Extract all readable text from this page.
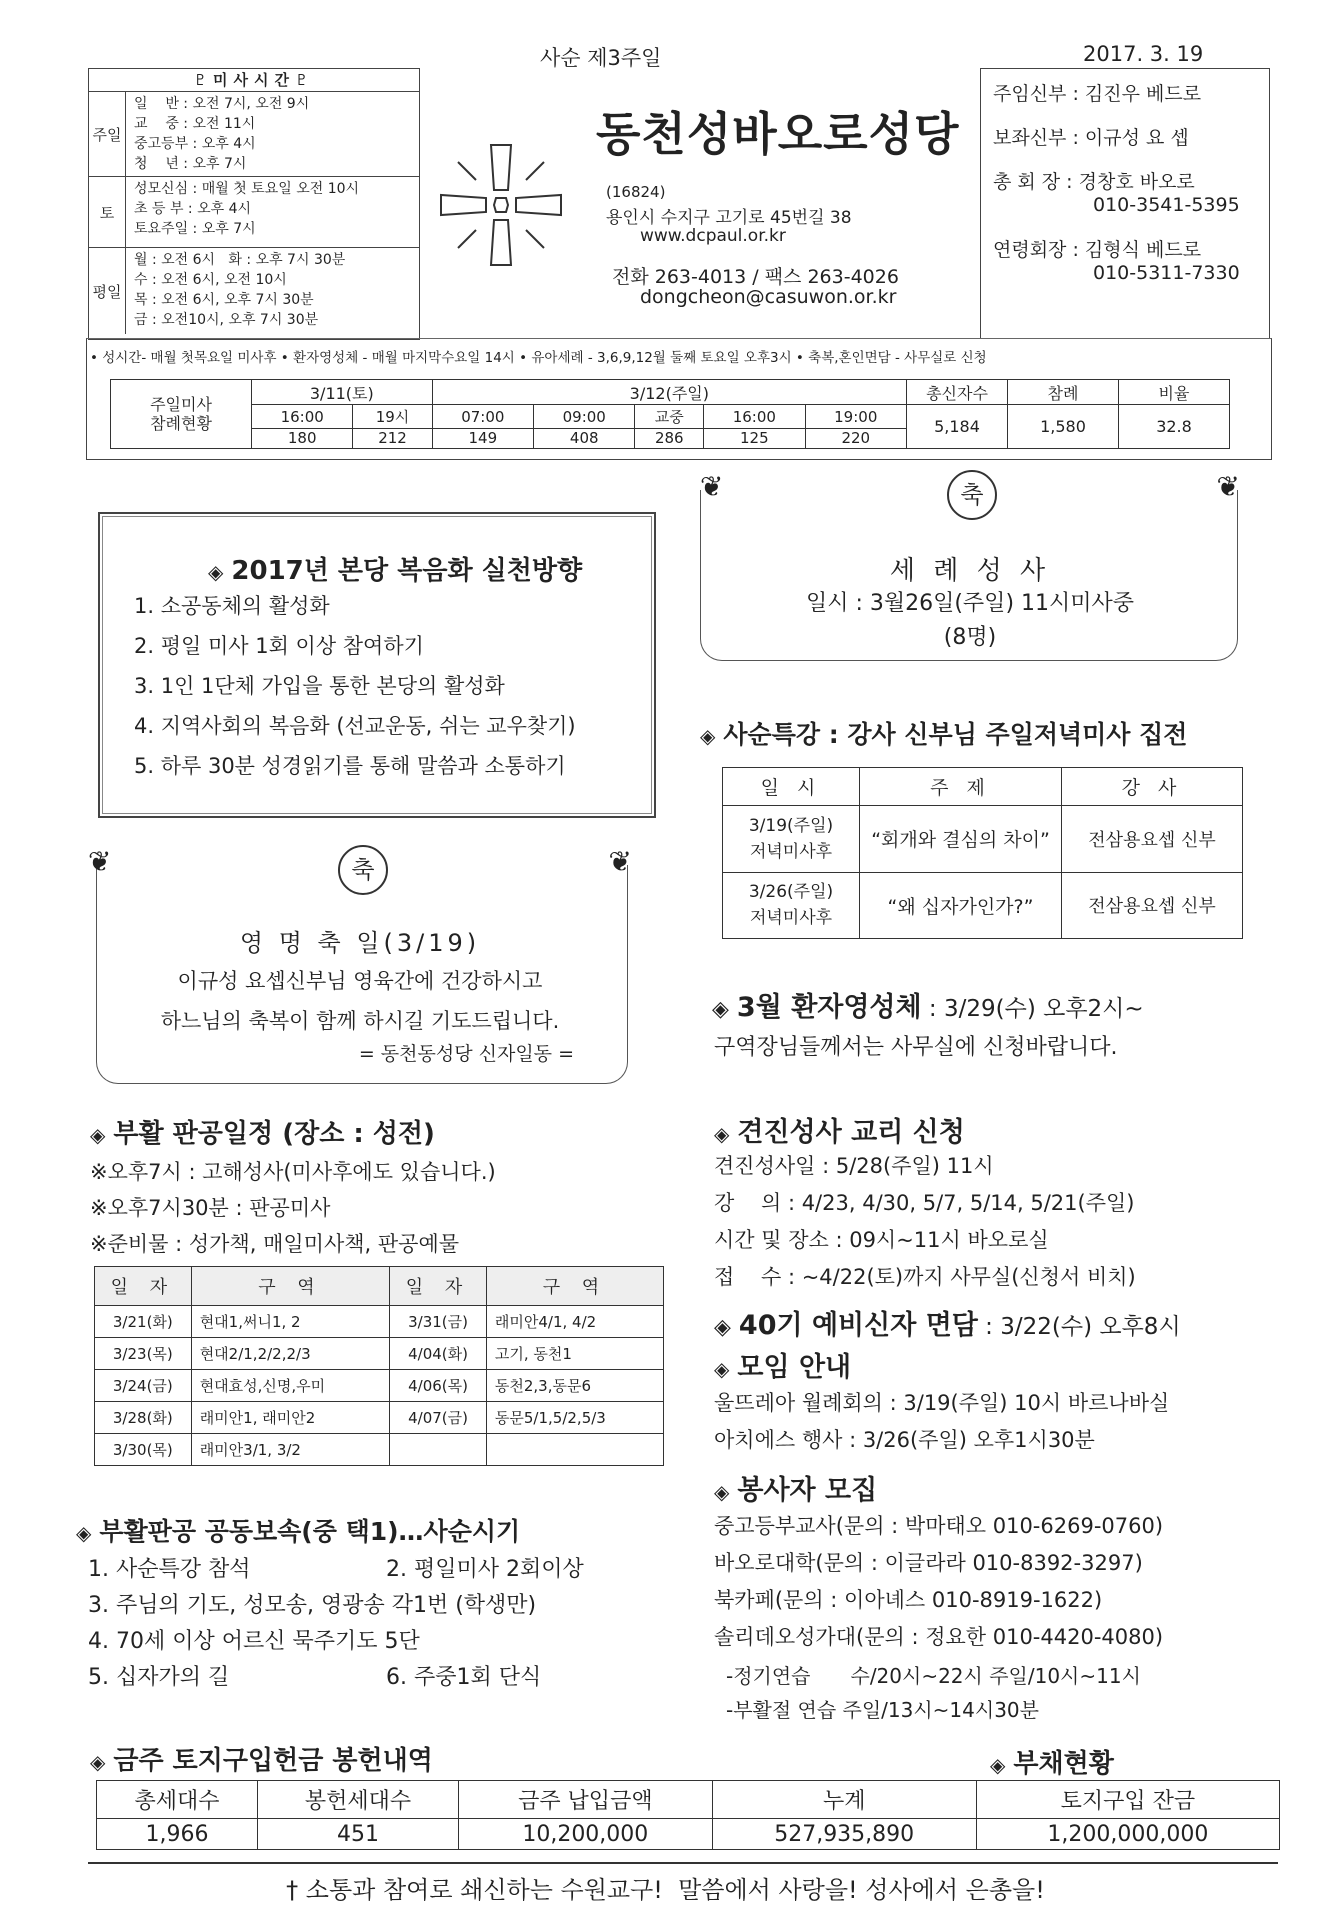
사순 제3주일	2017. 3. 19
♇미사시간♇
주일
일    반 : 오전 7시, 오전 9시
교    중 : 오전 11시
중고등부 : 오후 4시
청    년 : 오후 7시
토
성모신심 : 매월 첫 토요일 오전 10시
초 등 부 : 오후 4시
토요주일 : 오후 7시
평일
월 : 오전 6시   화 : 오후 7시 30분
수 : 오전 6시, 오전 10시
목 : 오전 6시, 오후 7시 30분
금 : 오전10시, 오후 7시 30분
동천성바오로성당
(16824)
용인시 수지구 고기로 45번길 38
www.dcpaul.or.kr
전화 263-4013 / 팩스 263-4026
dongcheon@casuwon.or.kr
주임신부 : 김진우 베드로
보좌신부 : 이규성 요 셉
총 회 장 : 경창호 바오로
010-3541-5395
연령회장 : 김형식 베드로
010-5311-7330
• 성시간- 매월 첫목요일 미사후 • 환자영성체 - 매월 마지막수요일 14시 • 유아세례 - 3,6,9,12월 둘째 토요일 오후3시 • 축복,혼인면담 - 사무실로 신청
주일미사
참례현황	3/11(토)		3/12(주일)					총신자수	참례	비율
	16:00	19시	07:00	09:00	교중	16:00	19:00	5,184	1,580	32.8
	180	212	149	408	286	125	220			
◈ 2017년 본당 복음화 실천방향
1. 소공동체의 활성화
2. 평일 미사 1회 이상 참여하기
3. 1인 1단체 가입을 통한 본당의 활성화
4. 지역사회의 복음화 (선교운동, 쉬는 교우찾기)
5. 하루 30분 성경읽기를 통해 말씀과 소통하기
❦	❦
축
세 례 성 사
일시 : 3월26일(주일) 11시미사중
(8명)
◈ 사순특강 : 강사 신부님 주일저녁미사 집전
일 시	주 제	강 사

3/19(주일)
저녁미사후	“회개와 결심의 차이”	전삼용요셉 신부

3/26(주일)
저녁미사후	“왜 십자가인가?”	전삼용요셉 신부
❦	❦
축
영 명 축 일(3/19)
이규성 요셉신부님 영육간에 건강하시고
하느님의 축복이 함께 하시길 기도드립니다.
= 동천동성당 신자일동 =
◈ 3월 환자영성체 : 3/29(수) 오후2시~
구역장님들께서는 사무실에 신청바랍니다.
◈ 부활 판공일정 (장소 : 성전)
※오후7시 : 고해성사(미사후에도 있습니다.)
※오후7시30분 : 판공미사
※준비물 : 성가책, 매일미사책, 판공예물
일 자	구 역	일 자	구 역
3/21(화)	현대1,써니1, 2	3/31(금)	래미안4/1, 4/2
3/23(목)	현대2/1,2/2,2/3	4/04(화)	고기, 동천1
3/24(금)	현대효성,신명,우미	4/06(목)	동천2,3,동문6
3/28(화)	래미안1, 래미안2	4/07(금)	동문5/1,5/2,5/3
3/30(목)	래미안3/1, 3/2		
◈ 견진성사 교리 신청
견진성사일 : 5/28(주일) 11시
강    의 : 4/23, 4/30, 5/7, 5/14, 5/21(주일)
시간 및 장소 : 09시~11시 바오로실
접    수 : ~4/22(토)까지 사무실(신청서 비치)
◈ 40기 예비신자 면담 : 3/22(수) 오후8시
◈ 모임 안내
울뜨레아 월례회의 : 3/19(주일) 10시 바르나바실
아치에스 행사 : 3/26(주일) 오후1시30분
◈ 봉사자 모집
중고등부교사(문의 : 박마태오 010-6269-0760)
바오로대학(문의 : 이글라라 010-8392-3297)
북카페(문의 : 이아녜스 010-8919-1622)
솔리데오성가대(문의 : 정요한 010-4420-4080)
-정기연습 수/20시~22시 주일/10시~11시
-부활절 연습 주일/13시~14시30분
◈ 부활판공 공동보속(중 택1)…사순시기
1. 사순특강 참석	2. 평일미사 2회이상
3. 주님의 기도, 성모송, 영광송 각1번 (학생만)
4. 70세 이상 어르신 묵주기도 5단
5. 십자가의 길	6. 주중1회 단식
◈ 금주 토지구입헌금 봉헌내역	◈ 부채현황
총세대수	봉헌세대수	금주 납입금액	누계	토지구입 잔금
1,966	451	10,200,000	527,935,890	1,200,000,000
† 소통과 참여로 쇄신하는 수원교구!  말씀에서 사랑을! 성사에서 은총을!
